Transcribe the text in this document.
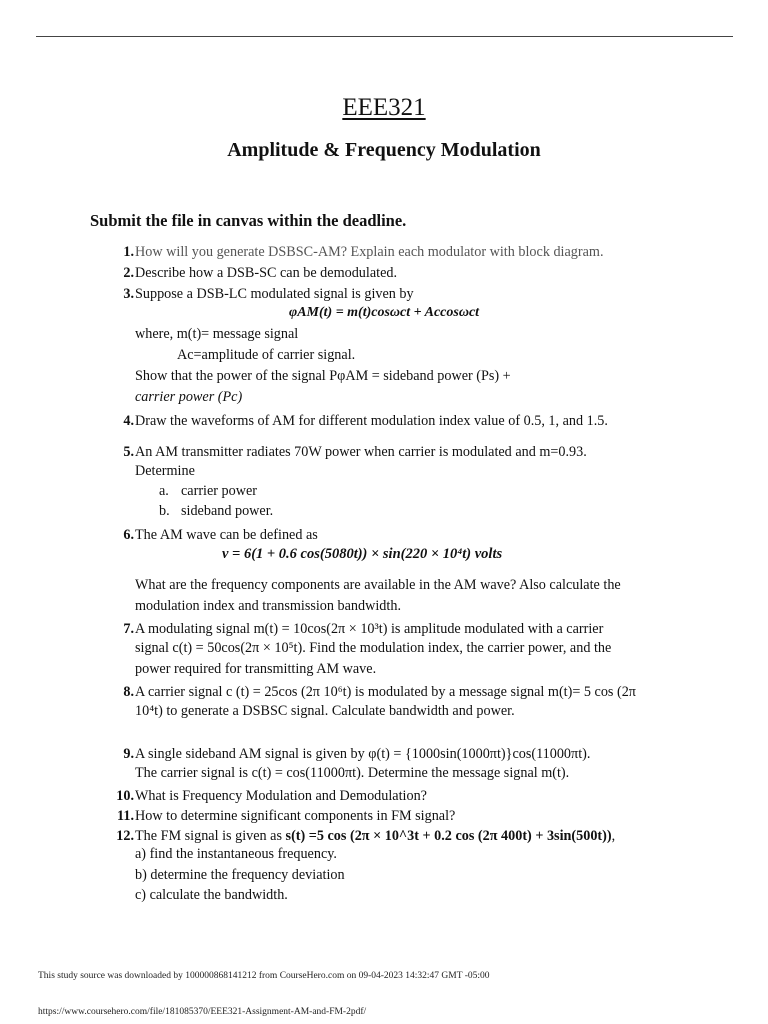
EEE321
Amplitude & Frequency Modulation
Submit the file in canvas within the deadline.
1. How will you generate DSBSC-AM? Explain each modulator with block diagram.
2. Describe how a DSB-SC can be demodulated.
3. Suppose a DSB-LC modulated signal is given by
φAM(t) = m(t)cosωct + Accosωct
where, m(t)= message signal
Ac=amplitude of carrier signal.
Show that the power of the signal PφAM = sideband power (Ps) +
carrier power (Pc)
4. Draw the waveforms of AM for different modulation index value of 0.5, 1, and 1.5.
5. An AM transmitter radiates 70W power when carrier is modulated and m=0.93.
Determine
a. carrier power
b. sideband power.
6. The AM wave can be defined as
v = 6(1 + 0.6 cos(5080t)) × sin(220 × 10⁴t) volts
What are the frequency components are available in the AM wave? Also calculate the
modulation index and transmission bandwidth.
7. A modulating signal m(t) = 10cos(2π × 10³t) is amplitude modulated with a carrier
signal c(t) = 50cos(2π × 10⁵t). Find the modulation index, the carrier power, and the
power required for transmitting AM wave.
8. A carrier signal c (t) = 25cos (2π 10⁶t) is modulated by a message signal m(t)= 5 cos (2π
10⁴t) to generate a DSBSC signal. Calculate bandwidth and power.
9. A single sideband AM signal is given by φ(t) = {1000sin(1000πt)}cos(11000πt).
The carrier signal is c(t) = cos(11000πt). Determine the message signal m(t).
10. What is Frequency Modulation and Demodulation?
11. How to determine significant components in FM signal?
12. The FM signal is given as s(t) =5 cos (2π × 10^3t + 0.2 cos (2π 400t) + 3sin(500t)),
a) find the instantaneous frequency.
b) determine the frequency deviation
c) calculate the bandwidth.
This study source was downloaded by 100000868141212 from CourseHero.com on 09-04-2023 14:32:47 GMT -05:00
https://www.coursehero.com/file/181085370/EEE321-Assignment-AM-and-FM-2pdf/
